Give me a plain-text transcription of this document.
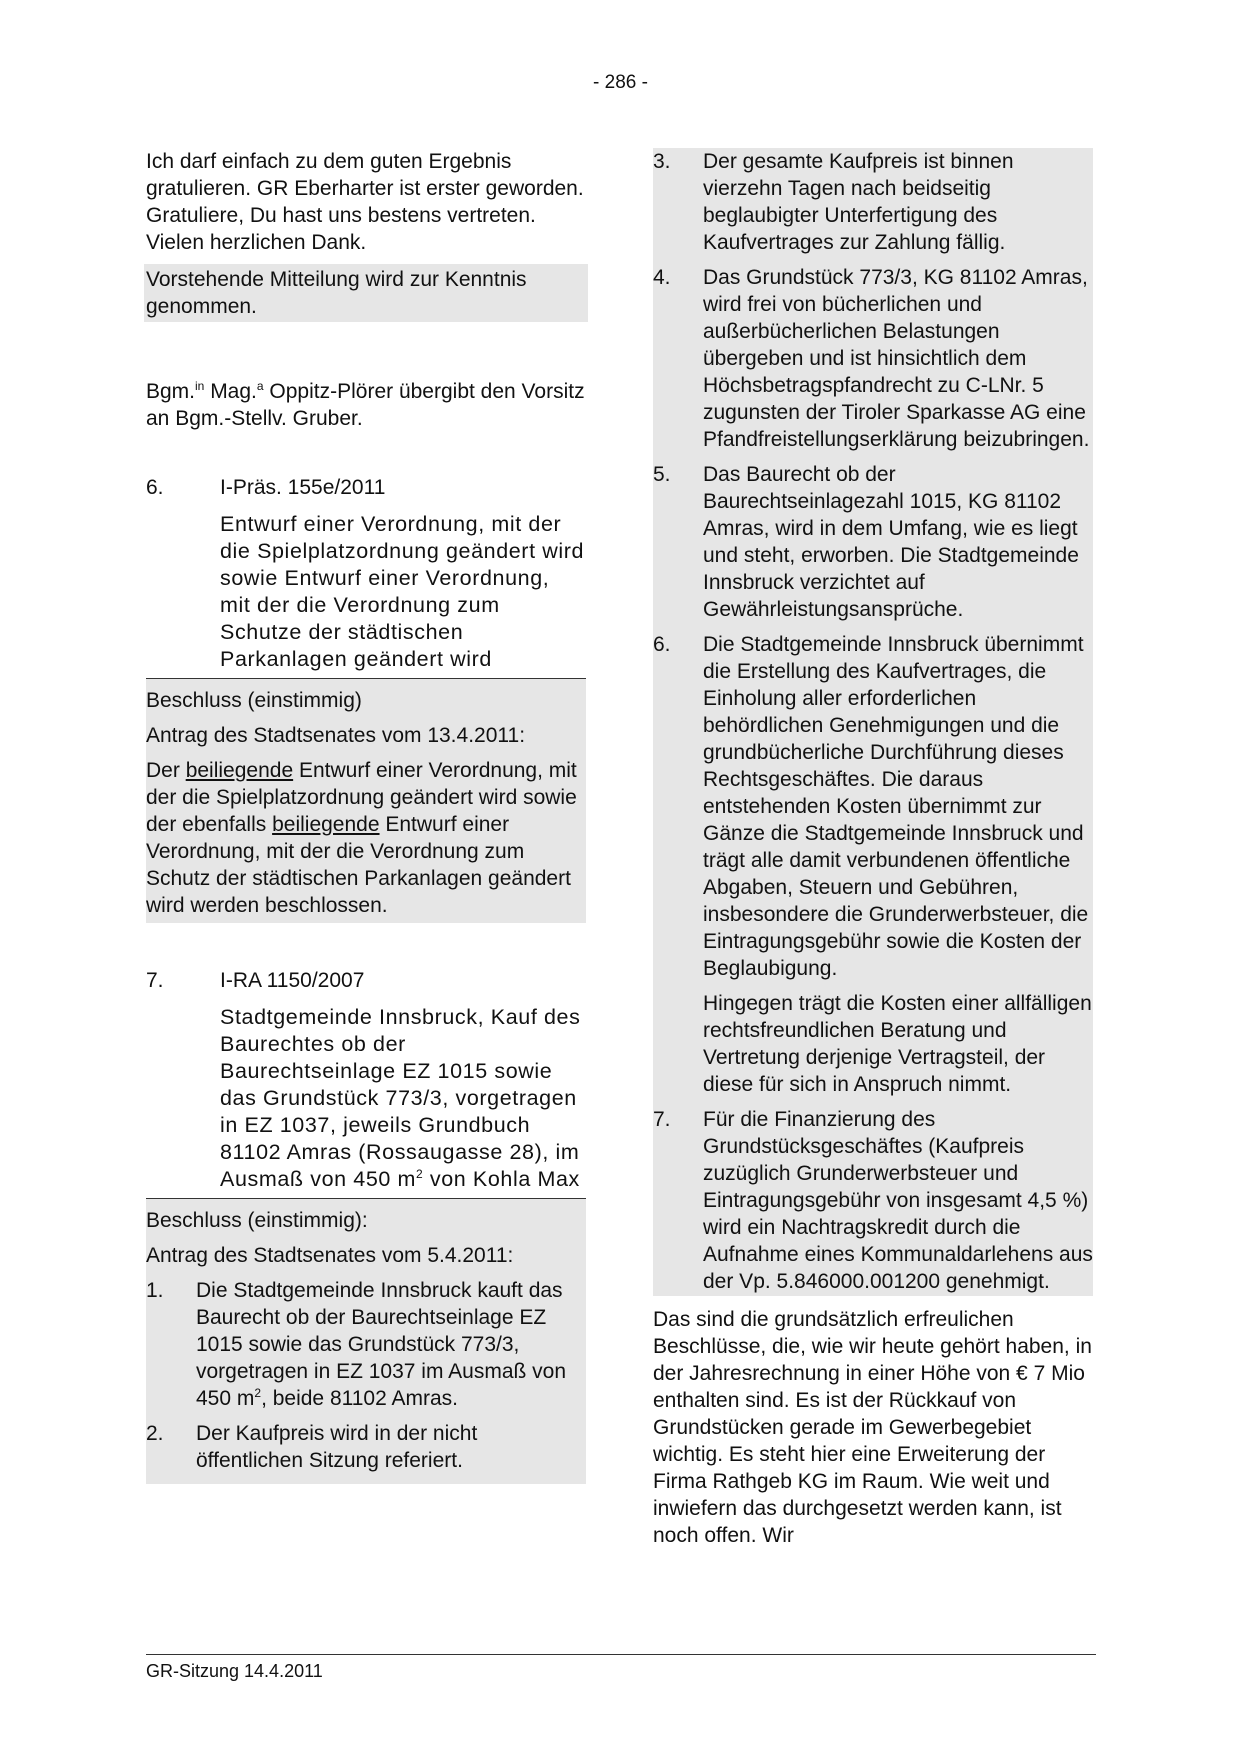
- 286 -

Ich darf einfach zu dem guten Ergebnis gratulieren. GR Eberharter ist erster geworden. Gratuliere, Du hast uns bestens vertreten. Vielen herzlichen Dank.

Vorstehende Mitteilung wird zur Kenntnis genommen.

Bgm.$^{in}$ Mag.$^a$ Oppitz-Plörer übergibt den Vorsitz an Bgm.-Stellv. Gruber.

6.	I-Präs. 155e/2011

Entwurf einer Verordnung, mit der die Spielplatzordnung geändert wird sowie Entwurf einer Verordnung, mit der die Verordnung zum Schutze der städtischen Parkanlagen geändert wird

Beschluss (einstimmig)

Antrag des Stadtsenates vom 13.4.2011:

Der beiliegende Entwurf einer Verordnung, mit der die Spielplatzordnung geändert wird sowie der ebenfalls beiliegende Entwurf einer Verordnung, mit der die Verordnung zum Schutz der städtischen Parkanlagen geändert wird werden beschlossen.

7.	I-RA 1150/2007

Stadtgemeinde Innsbruck, Kauf des Baurechtes ob der Baurechtseinlage EZ 1015 sowie das Grundstück 773/3, vorgetragen in EZ 1037, jeweils Grundbuch 81102 Amras (Rossaugasse 28), im Ausmaß von 450 $m^2$ von Kohla Max

Beschluss (einstimmig):

Antrag des Stadtsenates vom 5.4.2011:

1.	Die Stadtgemeinde Innsbruck kauft das Baurecht ob der Baurechtseinlage EZ 1015 sowie das Grundstück 773/3, vorgetragen in EZ 1037 im Ausmaß von 450 $m^2$, beide 81102 Amras.
2.	Der Kaufpreis wird in der nicht öffentlichen Sitzung referiert.
3.	Der gesamte Kaufpreis ist binnen vierzehn Tagen nach beidseitig beglaubigter Unterfertigung des Kaufvertrages zur Zahlung fällig.
4.	Das Grundstück 773/3, KG 81102 Amras, wird frei von bücherlichen und außerbücherlichen Belastungen übergeben und ist hinsichtlich dem Höchsbetragspfandrecht zu C-LNr. 5 zugunsten der Tiroler Sparkasse AG eine Pfandfreistellungserklärung beizubringen.
5.	Das Baurecht ob der Baurechtseinlagezahl 1015, KG 81102 Amras, wird in dem Umfang, wie es liegt und steht, erworben. Die Stadtgemeinde Innsbruck verzichtet auf Gewährleistungsansprüche.
6.	Die Stadtgemeinde Innsbruck übernimmt die Erstellung des Kaufvertrages, die Einholung aller erforderlichen behördlichen Genehmigungen und die grundbücherliche Durchführung dieses Rechtsgeschäftes. Die daraus entstehenden Kosten übernimmt zur Gänze die Stadtgemeinde Innsbruck und trägt alle damit verbundenen öffentliche Abgaben, Steuern und Gebühren, insbesondere die Grunderwerbsteuer, die Eintragungsgebühr sowie die Kosten der Beglaubigung.

Hingegen trägt die Kosten einer allfälligen rechtsfreundlichen Beratung und Vertretung derjenige Vertragsteil, der diese für sich in Anspruch nimmt.

7.	Für die Finanzierung des Grundstücksgeschäftes (Kaufpreis zuzüglich Grunderwerbsteuer und Eintragungsgebühr von insgesamt 4,5 %) wird ein Nachtragskredit durch die Aufnahme eines Kommunaldarlehens aus der Vp. 5.846000.001200 genehmigt.

Das sind die grundsätzlich erfreulichen Beschlüsse, die, wie wir heute gehört haben, in der Jahresrechnung in einer Höhe von € 7 Mio enthalten sind. Es ist der Rückkauf von Grundstücken gerade im Gewerbegebiet wichtig. Es steht hier eine Erweiterung der Firma Rathgeb KG im Raum. Wie weit und inwiefern das durchgesetzt werden kann, ist noch offen. Wir

GR-Sitzung 14.4.2011
